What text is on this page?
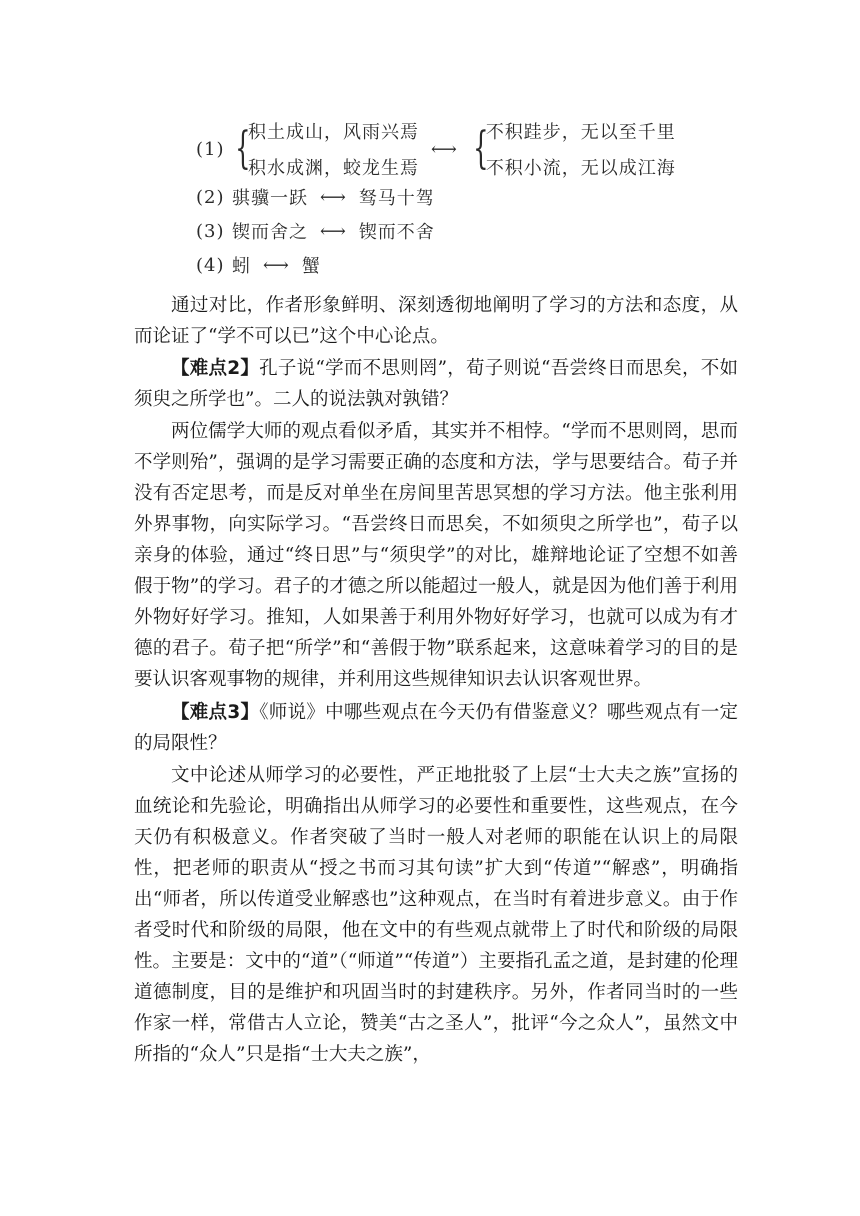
(1) {
积土成山，风雨兴焉
积水成渊，蛟龙生焉
⟷ {
不积跬步，无以至千里
不积小流，无以成江海
(2) 骐骥一跃 ⟷ 驽马十驾
(3) 锲而舍之 ⟷ 锲而不舍
(4) 蚓 ⟷ 蟹

通过对比，作者形象鲜明、深刻透彻地阐明了学习的方法和态度，从而论证了“学不可以已”这个中心论点。

【难点2】孔子说“学而不思则罔”，荀子则说“吾尝终日而思矣，不如须臾之所学也”。二人的说法孰对孰错？

两位儒学大师的观点看似矛盾，其实并不相悖。“学而不思则罔，思而不学则殆”，强调的是学习需要正确的态度和方法，学与思要结合。荀子并没有否定思考，而是反对单坐在房间里苦思冥想的学习方法。他主张利用外界事物，向实际学习。“吾尝终日而思矣，不如须臾之所学也”，荀子以亲身的体验，通过“终日思”与“须臾学”的对比，雄辩地论证了空想不如善假于物”的学习。君子的才德之所以能超过一般人，就是因为他们善于利用外物好好学习。推知，人如果善于利用外物好好学习，也就可以成为有才德的君子。荀子把“所学”和“善假于物”联系起来，这意味着学习的目的是要认识客观事物的规律，并利用这些规律知识去认识客观世界。

【难点3】《师说》中哪些观点在今天仍有借鉴意义？哪些观点有一定的局限性？

文中论述从师学习的必要性，严正地批驳了上层“士大夫之族”宣扬的血统论和先验论，明确指出从师学习的必要性和重要性，这些观点，在今天仍有积极意义。作者突破了当时一般人对老师的职能在认识上的局限性，把老师的职责从“授之书而习其句读”扩大到“传道”“解惑”，明确指出“师者，所以传道受业解惑也”这种观点，在当时有着进步意义。由于作者受时代和阶级的局限，他在文中的有些观点就带上了时代和阶级的局限性。主要是：文中的“道”（“师道”“传道”）主要指孔孟之道，是封建的伦理道德制度，目的是维护和巩固当时的封建秩序。另外，作者同当时的一些作家一样，常借古人立论，赞美“古之圣人”，批评“今之众人”，虽然文中所指的“众人”只是指“士大夫之族”，
